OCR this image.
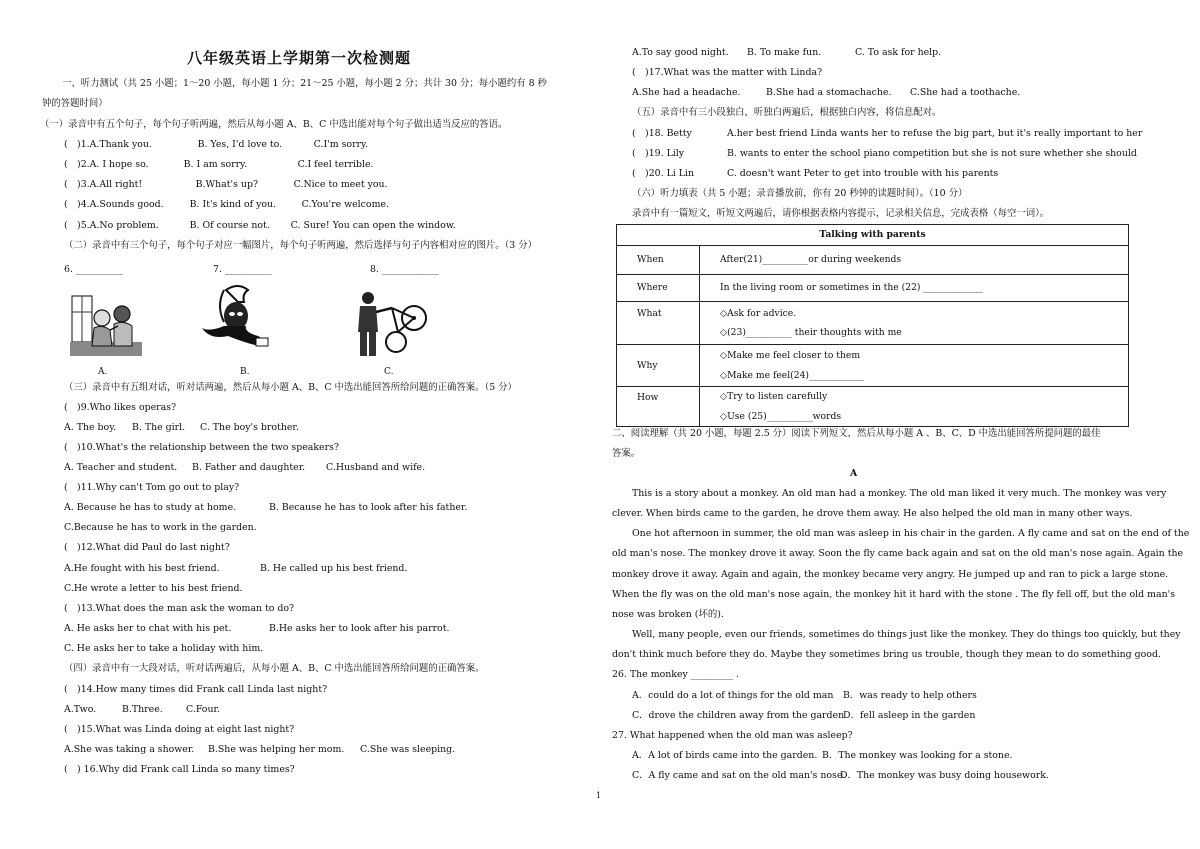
八年级英语上学期第一次检测题
一、听力测试（共 25 小题；1～20 小题，每小题 1 分；21～25 小题，每小题 2 分；共计 30 分；每小题约有 8 秒
钟的答题时间）
（一）录音中有五个句子，每个句子听两遍，然后从每小题 A、B、C 中选出能对每个句子做出适当反应的答语。
(　)1.A.Thank you.	B. Yes, I'd love to.	C.I'm sorry.
(　)2.A. I hope so.	B. I am sorry.	C.I feel terrible.
(　)3.A.All right!	B.What's up?	C.Nice to meet you.
(　)4.A.Sounds good.	B. It's kind of you.	C.You're welcome.
(　)5.A.No problem.	B. Of course not. C. Sure! You can open the window.
（二）录音中有三个句子，每个句子对应一幅图片，每个句子听两遍，然后选择与句子内容相对应的图片。（3 分）
6. __________	7. __________	8. ____________
A.	B.	C.
（三）录音中有五组对话，听对话两遍，然后从每小题 A、B、C 中选出能回答所给问题的正确答案。（5 分）
(　)9.Who likes operas?
A. The boy. B. The girl. C. The boy's brother.
(　)10.What's the relationship between the two speakers?
A. Teacher and student. B. Father and daughter. C.Husband and wife.
(　)11.Why can't Tom go out to play?
A. Because he has to study at home.	B. Because he has to look after his father.
C.Because he has to work in the garden.
(　)12.What did Paul do last night?
A.He fought with his best friend.	B. He called up his best friend.
C.He wrote a letter to his best friend.
(　)13.What does the man ask the woman to do?
A. He asks her to chat with his pet.	B.He asks her to look after his parrot.
C. He asks her to take a holiday with him.
（四）录音中有一大段对话，听对话两遍后，从每小题 A、B、C 中选出能回答所给问题的正确答案。
(　)14.How many times did Frank call Linda last night?
A.Two.	B.Three. C.Four.
(　)15.What was Linda doing at eight last night?
A.She was taking a shower. B.She was helping her mom. C.She was sleeping.
(　) 16.Why did Frank call Linda so many times?
A.To say good night. B. To make fun.	C. To ask for help.
(　)17.What was the matter with Linda?
A.She had a headache.	B.She had a stomachache. C.She had a toothache.
（五）录音中有三小段独白，听独白两遍后，根据独白内容，将信息配对。
(　)18. Betty	A.her best friend Linda wants her to refuse the big part, but it's really important to her
(　)19. Lily	B. wants to enter the school piano competition but she is not sure whether she should
(　)20. Li Lin	C. doesn't want Peter to get into trouble with his parents
（六）听力填表（共 5 小题；录音播放前，你有 20 秒钟的读题时间）。（10 分）
录音中有一篇短文，听短文两遍后，请你根据表格内容提示，记录相关信息，完成表格（每空一词）。
Talking with parents	
When	After(21)__________or during weekends
Where	In the living room or sometimes in the (22) _____________
What	◇Ask for advice.
◇(23)__________ their thoughts with me

Why	◇Make me feel closer to them
◇Make me feel(24)____________

How	◇Try to listen carefully
◇Use (25)__________words
二、阅读理解（共 20 小题，每题 2.5 分）阅读下列短文，然后从每小题 A 、B、C、D 中选出能回答所提问题的最佳
答案。
A
This is a story about a monkey. An old man had a monkey. The old man liked it very much. The monkey was very
clever. When birds came to the garden, he drove them away. He also helped the old man in many other ways.
One hot afternoon in summer, the old man was asleep in his chair in the garden. A fly came and sat on the end of the
old man's nose. The monkey drove it away. Soon the fly came back again and sat on the old man's nose again. Again the
monkey drove it away. Again and again, the monkey became very angry. He jumped up and ran to pick a large stone.
When the fly was on the old man's nose again, the monkey hit it hard with the stone . The fly fell off, but the old man's
nose was broken (坏的).
Well, many people, even our friends, sometimes do things just like the monkey. They do things too quickly, but they
don't think much before they do. Maybe they sometimes bring us trouble, though they mean to do something good.
26. The monkey _________ .
A．could do a lot of things for the old man B．was ready to help others
C．drove the children away from the gardenD．fell asleep in the garden
27. What happened when the old man was asleep?
A．A lot of birds came into the garden. B．The monkey was looking for a stone.
C．A fly came and sat on the old man's nose.D．The monkey was busy doing housework.
1
